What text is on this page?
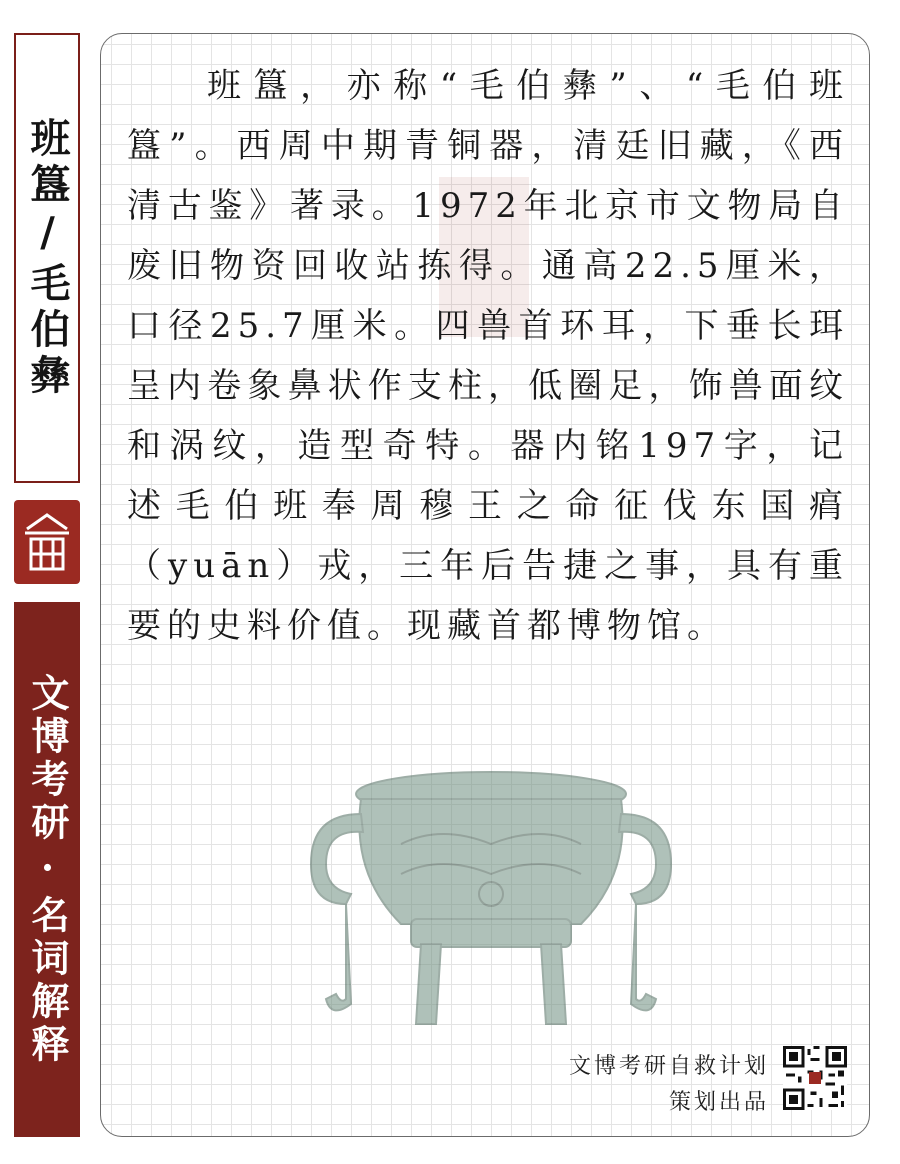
班簋/毛伯彝
文博考研·名词解释

班簋，亦称“毛伯彝”、“毛伯班簋”。西周中期青铜器，清廷旧藏，《西清古鉴》著录。1972年北京市文物局自废旧物资回收站拣得。通高22.5厘米，口径25.7厘米。四兽首环耳，下垂长珥呈内卷象鼻状作支柱，低圈足，饰兽面纹和涡纹，造型奇特。器内铭197字，记述毛伯班奉周穆王之命征伐东国㾓（yuān）戎，三年后告捷之事，具有重要的史料价值。现藏首都博物馆。

文博考研自救计划
策划出品
